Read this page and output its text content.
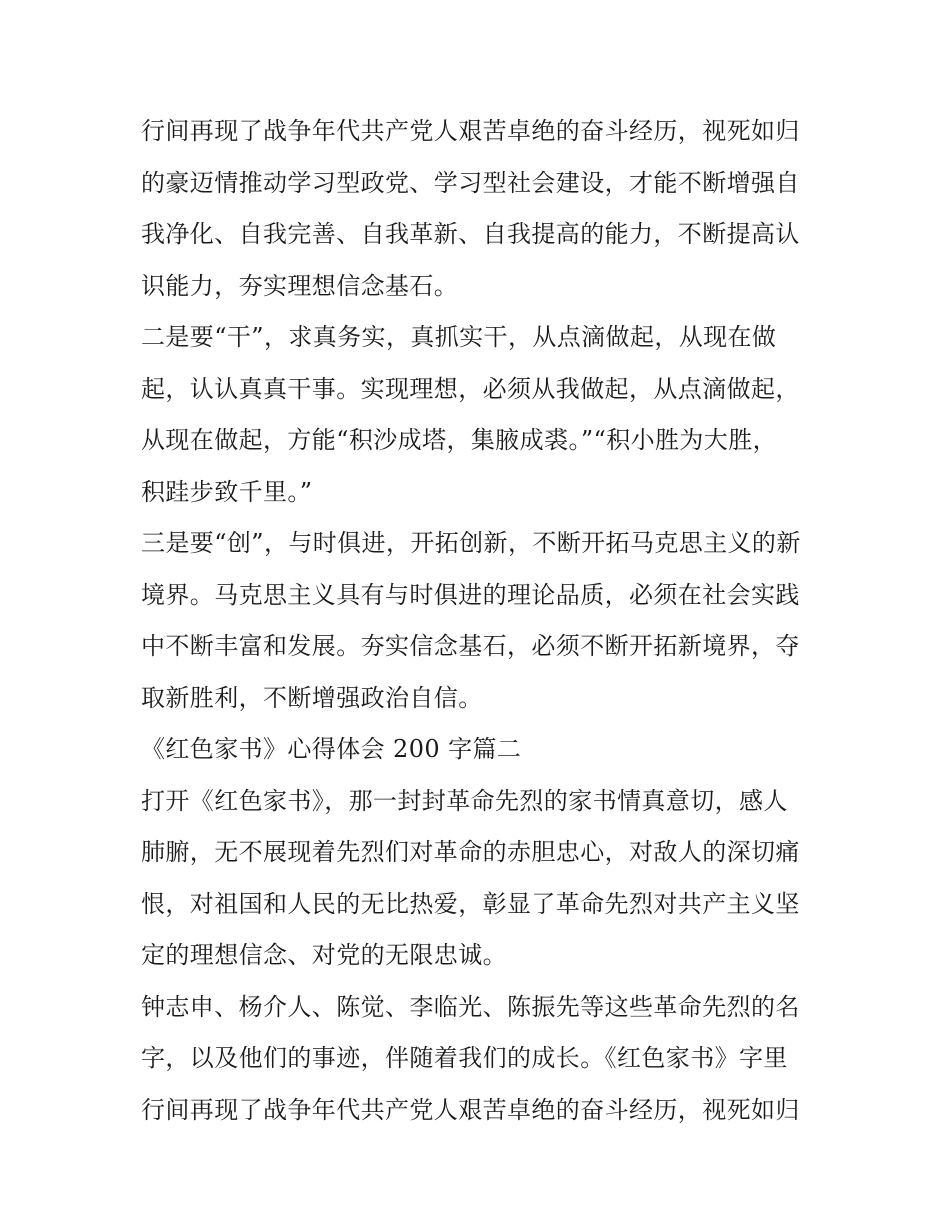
行间再现了战争年代共产党人艰苦卓绝的奋斗经历，视死如归
的豪迈情推动学习型政党、学习型社会建设，才能不断增强自
我净化、自我完善、自我革新、自我提高的能力，不断提高认
识能力，夯实理想信念基石。
二是要“干”，求真务实，真抓实干，从点滴做起，从现在做
起，认认真真干事。实现理想，必须从我做起，从点滴做起，
从现在做起，方能“积沙成塔，集腋成裘。”“积小胜为大胜，
积跬步致千里。”
三是要“创”，与时俱进，开拓创新，不断开拓马克思主义的新
境界。马克思主义具有与时俱进的理论品质，必须在社会实践
中不断丰富和发展。夯实信念基石，必须不断开拓新境界，夺
取新胜利，不断增强政治自信。
《红色家书》心得体会 200 字篇二
打开《红色家书》，那一封封革命先烈的家书情真意切，感人
肺腑，无不展现着先烈们对革命的赤胆忠心，对敌人的深切痛
恨，对祖国和人民的无比热爱，彰显了革命先烈对共产主义坚
定的理想信念、对党的无限忠诚。
钟志申、杨介人、陈觉、李临光、陈振先等这些革命先烈的名
字，以及他们的事迹，伴随着我们的成长。《红色家书》字里
行间再现了战争年代共产党人艰苦卓绝的奋斗经历，视死如归
